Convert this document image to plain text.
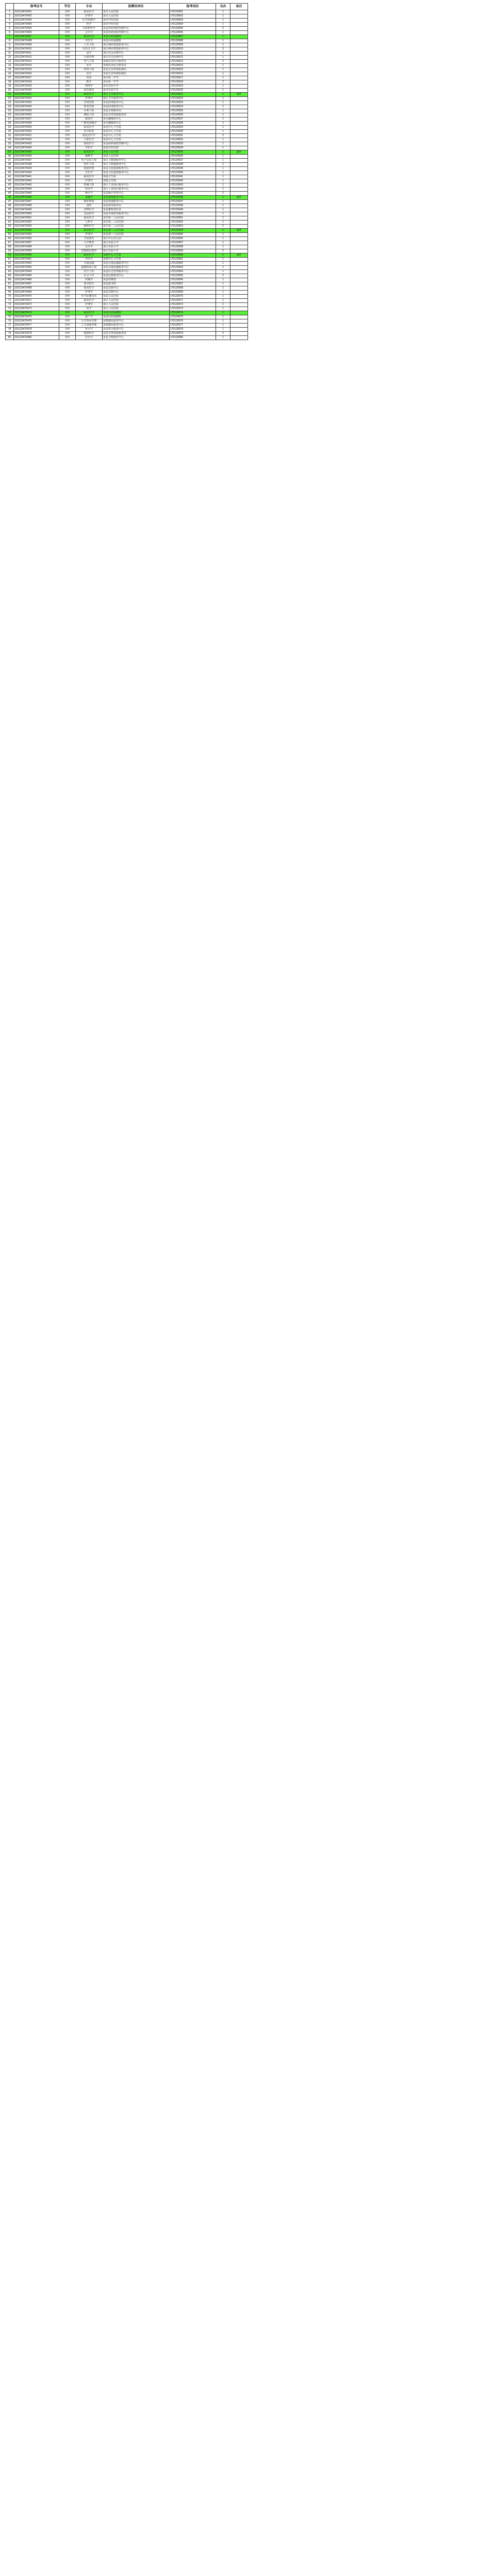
	准考证号	学历	专业	拟聘用单位	报考岗位	名次	备注
1	310120470401	本科	临床医学	某市人民医院	170120001	1	
2	310120470402	本科	护理学	某市人民医院	170120002	1	
3	310120470403	本科	医学影像学	某市中医医院	170120003	1	
4	310120470404	本科	药学	某市中医医院	170120004	1	
5	310120470405	本科	计算机科学	某县疾病预防控制中心	170120005	2	
6	310120470406	本科	会计学	某县疾病预防控制中心	170120006	1	
7	310120470407	本科	临床医学	某县妇幼保健院	170120007	1	
8	310120470408	本科	中医学	某县妇幼保健院	170120008	1	
9	310120470409	本科	土木工程	某区城乡建设服务中心	170120009	1	
10	310120470410	本科	汉语言文学	某区城乡建设服务中心	170120010	3	
11	310120470411	本科	法学	某区社会治理中心	170120011	1	
12	310120470412	本科	行政管理	某区社会治理中心	170120012	1	
13	310120470413	本科	电气工程	某镇农业综合服务站	170120013	2	
14	310120470414	本科	农学	某镇农业综合服务站	170120014	1	
15	310120470415	本科	环境工程	某县生态环境监测站	170120015	1	
16	310120470416	本科	化学	某县生态环境监测站	170120016	1	
17	310120470417	本科	英语	某市第一中学	170120017	1	
18	310120470418	本科	数学	某市第一中学	170120018	2	
19	310120470419	本科	物理学	某市实验中学	170120019	1	
20	310120470420	本科	体育教育	某市实验中学	170120020	1	
21	310120470421	本科	临床医学	某区卫生服务中心	170120021	1	递补
22	310120470422	本科	护理学	某区卫生服务中心	170120022	1	
23	310120470423	本科	市场营销	某县商务服务中心	170120023	1	
24	310120470424	本科	财务管理	某县商务服务中心	170120024	2	
25	310120470425	本科	水利工程	某县水利服务站	170120025	1	
26	310120470426	本科	测绘工程	某县自然资源服务站	170120026	1	
27	310120470427	本科	新闻学	某市融媒体中心	170120027	1	
28	310120470428	本科	广播电视编导	某市融媒体中心	170120028	1	
29	310120470429	本科	临床医学	某县中心卫生院	170120029	1	
30	310120470430	本科	医学检验	某县中心卫生院	170120030	1	
31	310120470431	本科	康复治疗学	某县中心卫生院	170120031	2	
32	310120470432	本科	口腔医学	某县中心卫生院	170120032	1	
33	310120470433	本科	预防医学	某县疾病预防控制中心	170120033	1	
34	310120470434	本科	中药学	某县中医医院	170120034	1	
35	310120470435	本科	临床医学	某县人民医院	170120035	1	递补
36	310120470436	本科	麻醉学	某县人民医院	170120036	1	
37	310120470437	本科	电子信息工程	某区大数据服务中心	170120037	1	
38	310120470438	本科	软件工程	某区大数据服务中心	170120038	2	
39	310120470439	本科	旅游管理	某县文化旅游服务中心	170120039	1	
40	310120470440	本科	音乐学	某县文化旅游服务中心	170120040	1	
41	310120470441	本科	临床医学	某镇卫生院	170120041	1	
42	310120470442	本科	护理学	某镇卫生院	170120042	1	
43	310120470443	本科	机械工程	某区工业园区服务中心	170120043	1	
44	310120470444	本科	经济学	某区工业园区服务中心	170120044	1	
45	310120470445	本科	统计学	某县统计普查中心	170120045	2	
46	310120470446	本科	金融学	某县财政服务中心	170120046	1	递补
47	310120470447	本科	城乡规划	某县规划服务中心	170120047	1	
48	310120470448	本科	园林	某县林业服务站	170120048	1	
49	310120470449	本科	动物医学	某县畜牧兽医站	170120049	1	
50	310120470450	本科	食品科学	某县市场监管服务中心	170120050	1	
51	310120470451	本科	临床医学	某市第二人民医院	170120051	1	
52	310120470452	本科	儿科学	某市第二人民医院	170120052	1	
53	310120470453	本科	精神医学	某市第二人民医院	170120053	2	
54	310120470454	本科	临床医学	某县第三人民医院	170120054	1	递补
55	310120470455	本科	护理学	某县第三人民医院	170120055	1	
56	310120470456	本科	学前教育	某区中心幼儿园	170120056	1	
57	310120470457	本科	小学教育	某区实验小学	170120057	1	
58	310120470458	本科	美术学	某区实验小学	170120058	1	
59	310120470459	本科	思想政治教育	某区实验小学	170120059	2	
60	310120470460	本科	临床医学	某镇中心卫生院	170120060	1	递补
61	310120470461	本科	中医学	某镇中心卫生院	170120061	1	
62	310120470462	本科	交通运输	某县交通运输服务中心	170120062	1	
63	310120470463	本科	道路桥梁工程	某县交通运输服务中心	170120063	1	
64	310120470464	本科	安全工程	某县应急管理服务中心	170120064	1	
65	310120470465	本科	社会工作	某县民政服务中心	170120065	2	
66	310120470466	本科	档案学	某县档案馆	170120066	1	
67	310120470467	本科	图书馆学	某县图书馆	170120067	1	
68	310120470468	本科	临床医学	某县急救中心	170120068	1	
69	310120470469	本科	护理学	某县急救中心	170120069	1	
70	310120470470	本科	医学影像技术	某县人民医院	170120070	1	
71	310120470471	本科	临床医学	某区人民医院	170120071	1	
72	310120470472	本科	护理学	某区人民医院	170120072	2	
73	310120470473	本科	药学	某区人民医院	170120073	1	
74	310120470474	本科	临床医学	某县妇幼保健院	170120074	1	
75	310120470475	本科	助产学	某县妇幼保健院	170120075	1	
76	310120470476	本科	公共事业管理	某镇便民服务中心	170120076	1	
77	310120470477	本科	人力资源管理	某镇便民服务中心	170120077	1	
78	310120470478	本科	审计学	某县审计服务中心	170120078	1	
79	310120470479	本科	地理科学	某县自然资源服务站	170120079	2	
80	310120470480	本科	历史学	某县文物保护中心	170120080	1	
